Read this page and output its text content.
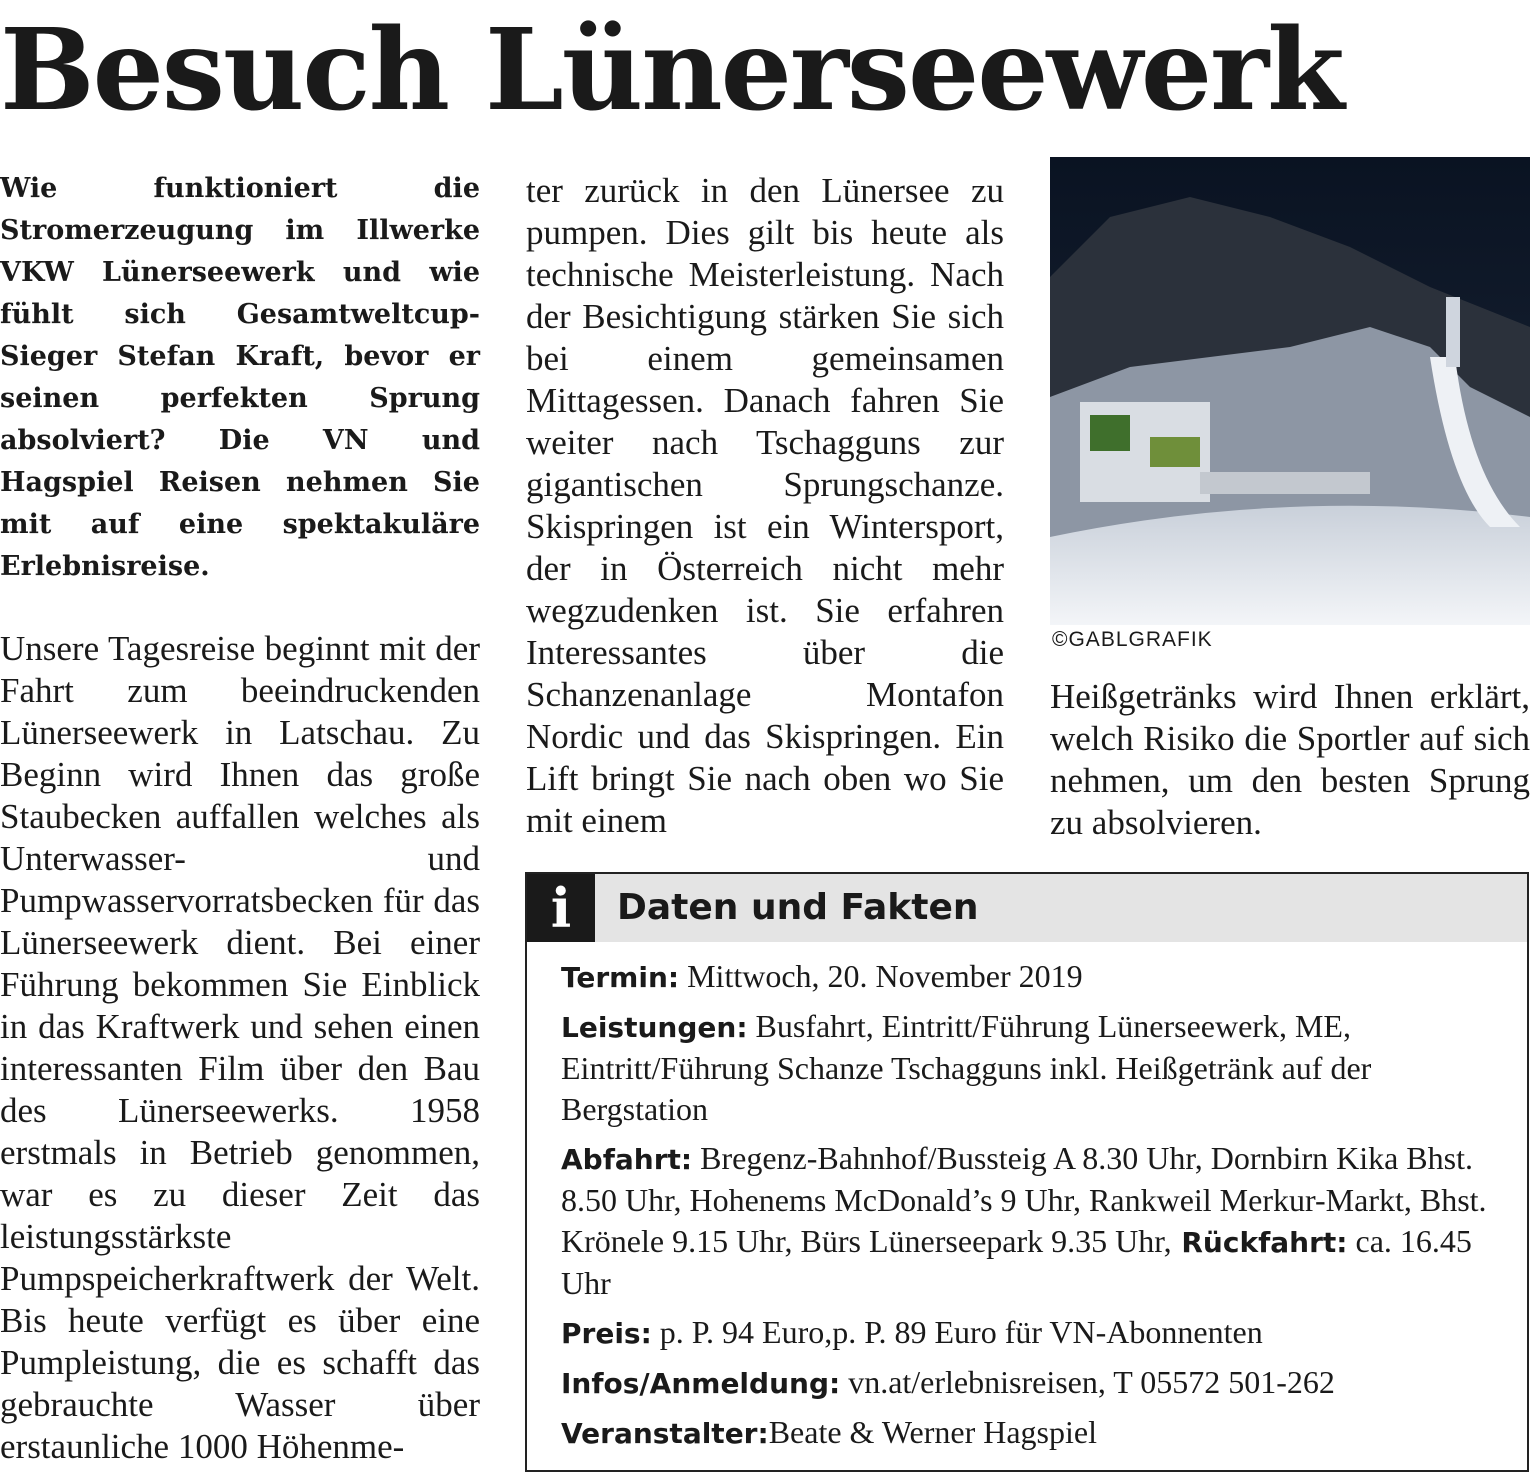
Besuch Lünerseewerk

Wie funktioniert die Stromerzeugung im Illwerke VKW Lünerseewerk und wie fühlt sich Gesamtweltcup-Sieger Stefan Kraft, bevor er seinen perfekten Sprung absolviert? Die VN und Hagspiel Reisen nehmen Sie mit auf eine spektakuläre Erlebnisreise.

Unsere Tagesreise beginnt mit der Fahrt zum beeindruckenden Lünerseewerk in Latschau. Zu Beginn wird Ihnen das große Staubecken auffallen welches als Unterwasser- und Pumpwasservorratsbecken für das Lünerseewerk dient. Bei einer Führung bekommen Sie Einblick in das Kraftwerk und sehen einen interessanten Film über den Bau des Lünerseewerks. 1958 erstmals in Betrieb genommen, war es zu dieser Zeit das leistungsstärkste Pumpspeicherkraftwerk der Welt. Bis heute verfügt es über eine Pumpleistung, die es schafft das gebrauchte Wasser über erstaunliche 1000 Höhenme-

ter zurück in den Lünersee zu pumpen. Dies gilt bis heute als technische Meisterleistung. Nach der Besichtigung stärken Sie sich bei einem gemeinsamen Mittagessen. Danach fahren Sie weiter nach Tschagguns zur gigantischen Sprungschanze. Skispringen ist ein Wintersport, der in Österreich nicht mehr wegzudenken ist. Sie erfahren Interessantes über die Schanzenanlage Montafon Nordic und das Skispringen. Ein Lift bringt Sie nach oben wo Sie mit einem

©GABLGRAFIK

Heißgetränks wird Ihnen erklärt, welch Risiko die Sportler auf sich nehmen, um den besten Sprung zu absolvieren.

i	Daten und Fakten

Termin: Mittwoch, 20. November 2019

Leistungen: Busfahrt, Eintritt/Führung Lünerseewerk, ME, Eintritt/Führung Schanze Tschagguns inkl. Heißgetränk auf der Bergstation

Abfahrt: Bregenz-Bahnhof/Bussteig A 8.30 Uhr, Dornbirn Kika Bhst. 8.50 Uhr, Hohenems McDonald’s 9 Uhr, Rankweil Merkur-Markt, Bhst. Krönele 9.15 Uhr, Bürs Lünerseepark 9.35 Uhr, Rückfahrt: ca. 16.45 Uhr

Preis: p. P. 94 Euro,p. P. 89 Euro für VN-Abonnenten

Infos/Anmeldung: vn.at/erlebnisreisen, T 05572 501-262

Veranstalter:Beate & Werner Hagspiel
